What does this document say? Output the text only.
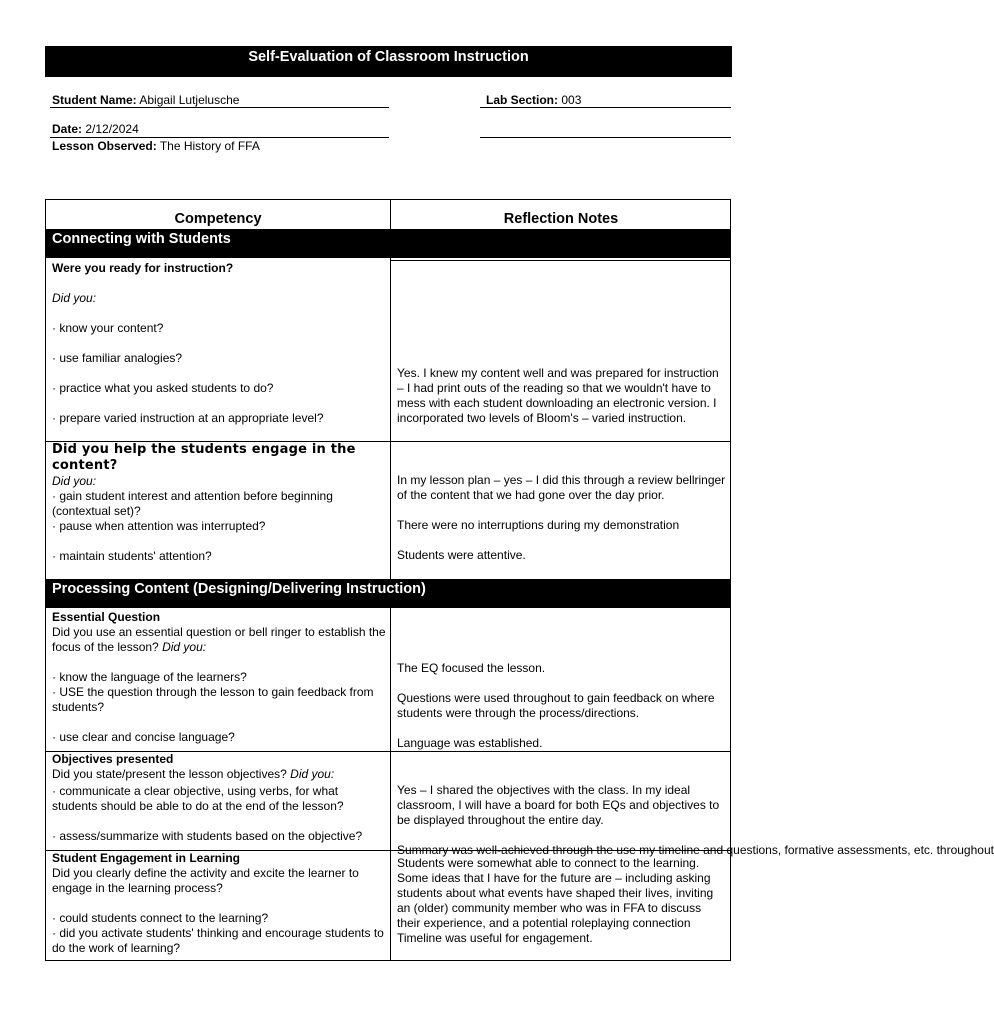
Self-Evaluation of Classroom Instruction
Student Name: Abigail Lutjelusche	Lab Section: 003
Date: 2/12/2024
Lesson Observed: The History of FFA
Competency	Reflection Notes
Connecting with Students
Processing Content (Designing/Delivering Instruction)
Were you ready for instruction?
Did you:
· know your content?
· use familiar analogies?
· practice what you asked students to do?
· prepare varied instruction at an appropriate level?
Yes. I knew my content well and was prepared for instruction – I had print outs of the reading so that we wouldn't have to mess with each student downloading an electronic version. I incorporated two levels of Bloom's – varied instruction.
Did you help the students engage in the content?
Did you:
· gain student interest and attention before beginning (contextual set)?
· pause when attention was interrupted?
· maintain students' attention?
In my lesson plan – yes – I did this through a review bellringer of the content that we had gone over the day prior.
There were no interruptions during my demonstration
Students were attentive.
Essential Question
Did you use an essential question or bell ringer to establish the focus of the lesson? Did you:
· know the language of the learners?
· USE the question through the lesson to gain feedback from students?
· use clear and concise language?
The EQ focused the lesson.
Questions were used throughout to gain feedback on where students were through the process/directions.
Language was established.
Objectives presented
Did you state/present the lesson objectives? Did you:
· communicate a clear objective, using verbs, for what students should be able to do at the end of the lesson?
· assess/summarize with students based on the objective?
Yes – I shared the objectives with the class. In my ideal classroom, I will have a board for both EQs and objectives to be displayed throughout the entire day.
Summary was well-achieved through the use my timeline and questions, formative assessments, etc. throughout
Student Engagement in Learning
Did you clearly define the activity and excite the learner to engage in the learning process?
· could students connect to the learning?
· did you activate students' thinking and encourage students to do the work of learning?
Students were somewhat able to connect to the learning. Some ideas that I have for the future are – including asking students about what events have shaped their lives, inviting an (older) community member who was in FFA to discuss their experience, and a potential roleplaying connection
Timeline was useful for engagement.
